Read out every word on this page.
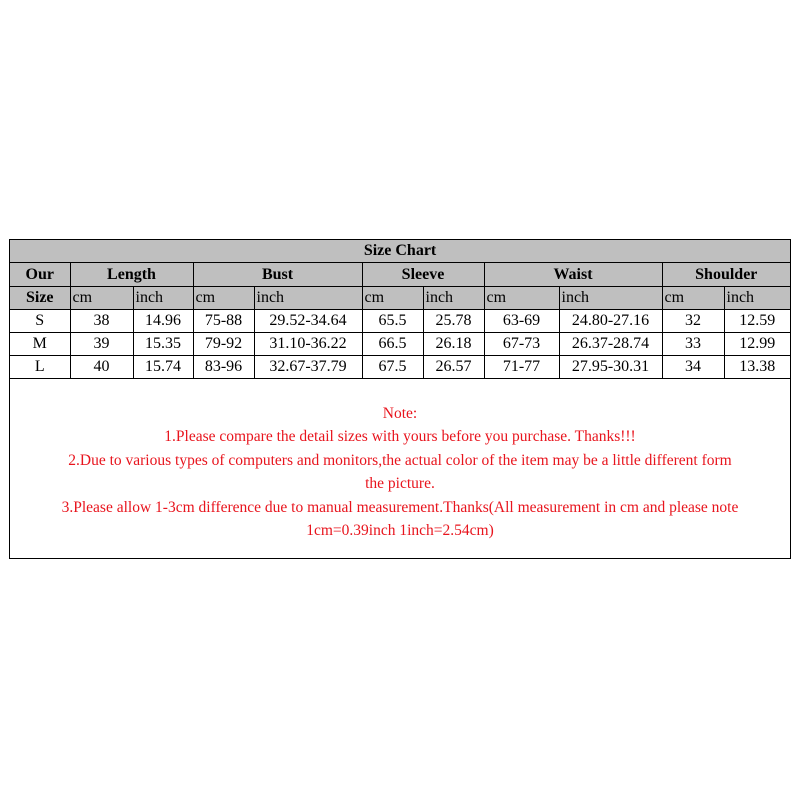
Size Chart										
Our	Length		Bust		Sleeve		Waist		Shoulder	
Size	cm	inch	cm	inch	cm	inch	cm	inch	cm	inch
S	38	14.96	75-88	29.52-34.64	65.5	25.78	63-69	24.80-27.16	32	12.59
M	39	15.35	79-92	31.10-36.22	66.5	26.18	67-73	26.37-28.74	33	12.99
L	40	15.74	83-96	32.67-37.79	67.5	26.57	71-77	27.95-30.31	34	13.38
Note:
1.Please compare the detail sizes with yours before you purchase. Thanks!!!
2.Due to various types of computers and monitors,the actual color of the item may be a little different form
the picture.
3.Please allow 1-3cm difference due to manual measurement.Thanks(All measurement in cm and please note
1cm=0.39inch 1inch=2.54cm)
